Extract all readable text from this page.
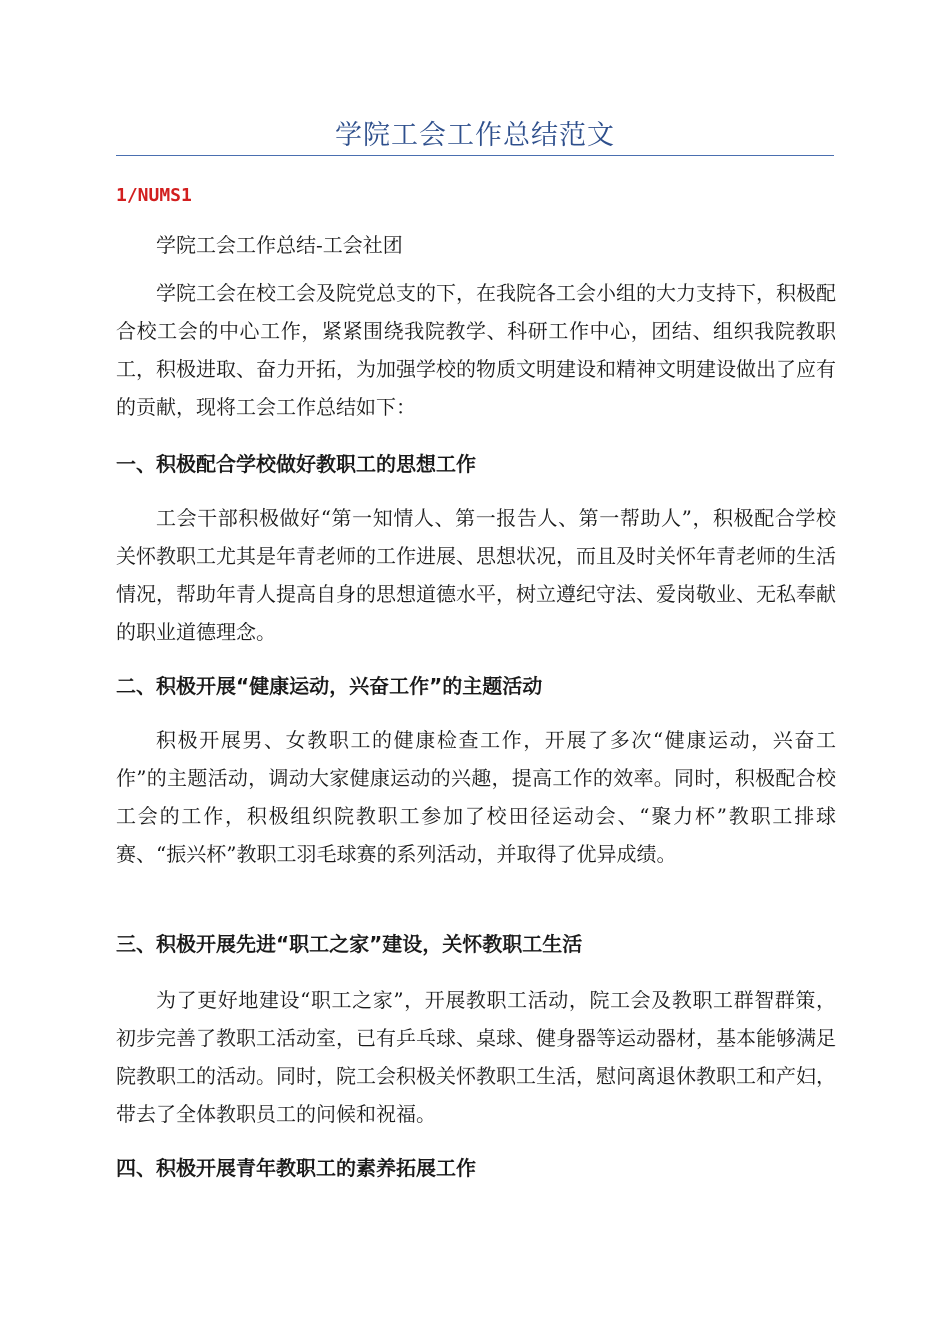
学院工会工作总结范文
1/NUMS1
学院工会工作总结-工会社团
学院工会在校工会及院党总支的下，在我院各工会小组的大力支持下，积极配合校工会的中心工作，紧紧围绕我院教学、科研工作中心，团结、组织我院教职工，积极进取、奋力开拓，为加强学校的物质文明建设和精神文明建设做出了应有的贡献，现将工会工作总结如下：
一、积极配合学校做好教职工的思想工作
工会干部积极做好“第一知情人、第一报告人、第一帮助人”，积极配合学校关怀教职工尤其是年青老师的工作进展、思想状况，而且及时关怀年青老师的生活情况，帮助年青人提高自身的思想道德水平，树立遵纪守法、爱岗敬业、无私奉献的职业道德理念。
二、积极开展“健康运动，兴奋工作”的主题活动
积极开展男、女教职工的健康检查工作，开展了多次“健康运动，兴奋工作”的主题活动，调动大家健康运动的兴趣，提高工作的效率。同时，积极配合校工会的工作，积极组织院教职工参加了校田径运动会、“聚力杯”教职工排球赛、“振兴杯”教职工羽毛球赛的系列活动，并取得了优异成绩。
三、积极开展先进“职工之家”建设，关怀教职工生活
为了更好地建设“职工之家”，开展教职工活动，院工会及教职工群智群策，初步完善了教职工活动室，已有乒乓球、桌球、健身器等运动器材，基本能够满足院教职工的活动。同时，院工会积极关怀教职工生活，慰问离退休教职工和产妇，带去了全体教职员工的问候和祝福。
四、积极开展青年教职工的素养拓展工作
